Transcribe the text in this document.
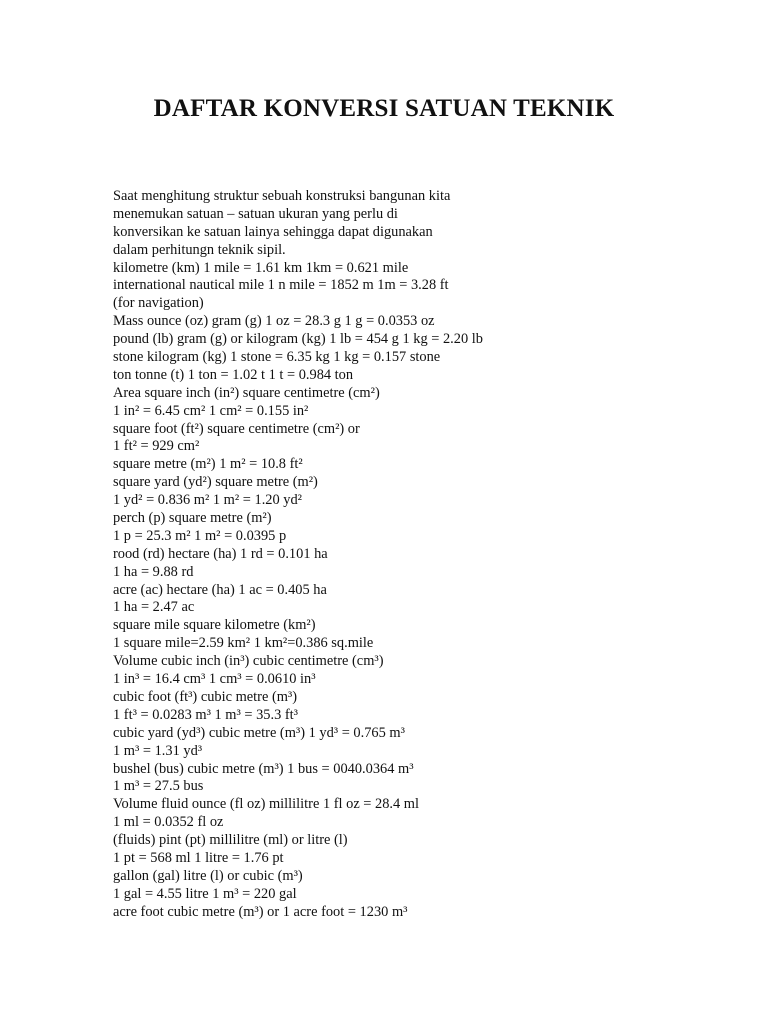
DAFTAR KONVERSI SATUAN TEKNIK
Saat menghitung struktur sebuah konstruksi bangunan kita
menemukan satuan – satuan ukuran yang perlu di
konversikan ke satuan lainya sehingga dapat digunakan
dalam perhitungn teknik sipil.
kilometre (km) 1 mile = 1.61 km 1km = 0.621 mile
international nautical mile 1 n mile = 1852 m 1m = 3.28 ft
(for navigation)
Mass ounce (oz) gram (g) 1 oz = 28.3 g 1 g = 0.0353 oz
pound (lb) gram (g) or kilogram (kg) 1 lb = 454 g 1 kg = 2.20 lb
stone kilogram (kg) 1 stone = 6.35 kg 1 kg = 0.157 stone
ton tonne (t) 1 ton = 1.02 t 1 t = 0.984 ton
Area square inch (in²) square centimetre (cm²)
1 in² = 6.45 cm² 1 cm² = 0.155 in²
square foot (ft²) square centimetre (cm²) or
1 ft² = 929 cm²
square metre (m²) 1 m² = 10.8 ft²
square yard (yd²) square metre (m²)
1 yd² = 0.836 m² 1 m² = 1.20 yd²
perch (p) square metre (m²)
1 p = 25.3 m² 1 m² = 0.0395 p
rood (rd) hectare (ha) 1 rd = 0.101 ha
1 ha = 9.88 rd
acre (ac) hectare (ha) 1 ac = 0.405 ha
1 ha = 2.47 ac
square mile square kilometre (km²)
1 square mile=2.59 km² 1 km²=0.386 sq.mile
Volume cubic inch (in³) cubic centimetre (cm³)
1 in³ = 16.4 cm³ 1 cm³ = 0.0610 in³
cubic foot (ft³) cubic metre (m³)
1 ft³ = 0.0283 m³ 1 m³ = 35.3 ft³
cubic yard (yd³) cubic metre (m³) 1 yd³ = 0.765 m³
1 m³ = 1.31 yd³
bushel (bus) cubic metre (m³) 1 bus = 0040.0364 m³
1 m³ = 27.5 bus
Volume fluid ounce (fl oz) millilitre 1 fl oz = 28.4 ml
1 ml = 0.0352 fl oz
(fluids) pint (pt) millilitre (ml) or litre (l)
1 pt = 568 ml 1 litre = 1.76 pt
gallon (gal) litre (l) or cubic (m³)
1 gal = 4.55 litre 1 m³ = 220 gal
acre foot cubic metre (m³) or 1 acre foot = 1230 m³
